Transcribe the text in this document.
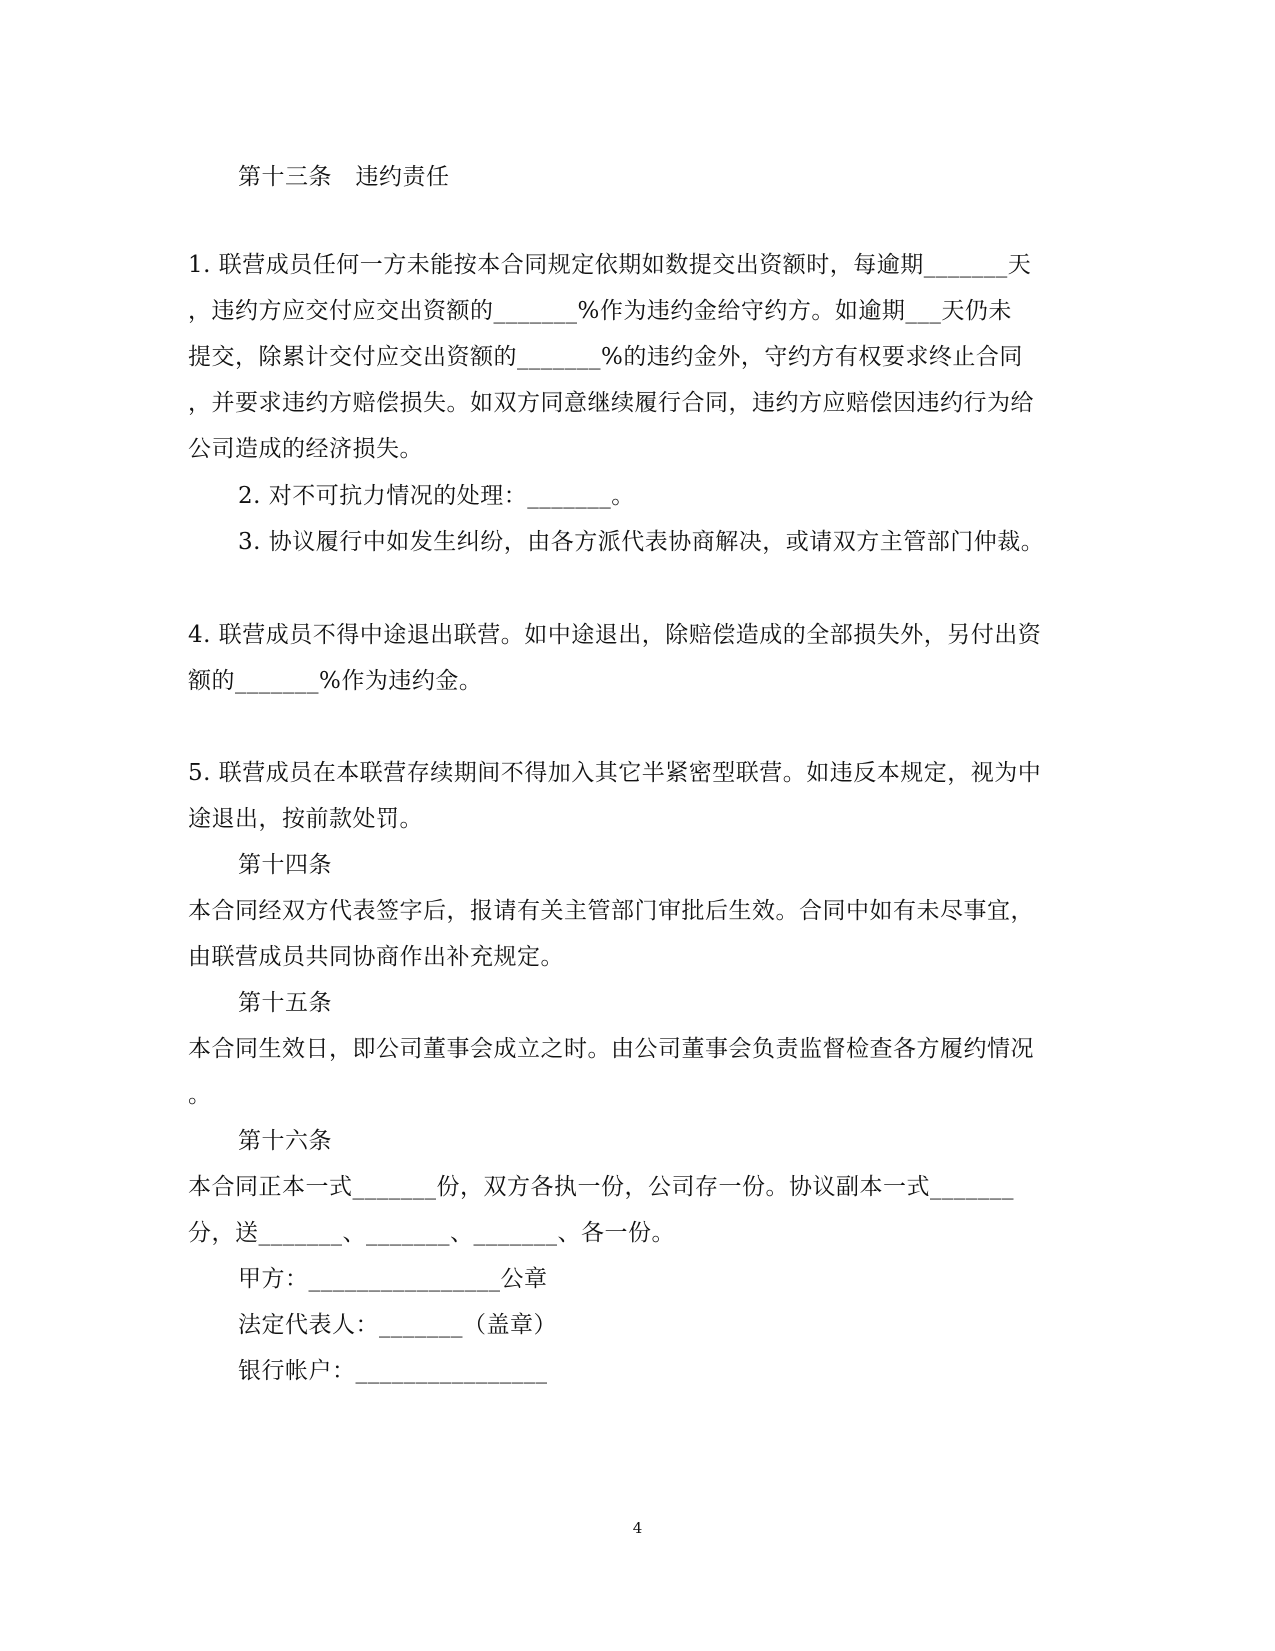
第十三条　违约责任
1. 联营成员任何一方未能按本合同规定依期如数提交出资额时，每逾期_______天
，违约方应交付应交出资额的_______%作为违约金给守约方。如逾期___天仍未
提交，除累计交付应交出资额的_______%的违约金外，守约方有权要求终止合同
，并要求违约方赔偿损失。如双方同意继续履行合同，违约方应赔偿因违约行为给
公司造成的经济损失。
2. 对不可抗力情况的处理：_______。
3. 协议履行中如发生纠纷，由各方派代表协商解决，或请双方主管部门仲裁。
4. 联营成员不得中途退出联营。如中途退出，除赔偿造成的全部损失外，另付出资
额的_______%作为违约金。
5. 联营成员在本联营存续期间不得加入其它半紧密型联营。如违反本规定，视为中
途退出，按前款处罚。
第十四条
本合同经双方代表签字后，报请有关主管部门审批后生效。合同中如有未尽事宜，
由联营成员共同协商作出补充规定。
第十五条
本合同生效日，即公司董事会成立之时。由公司董事会负责监督检查各方履约情况
。
第十六条
本合同正本一式_______份，双方各执一份，公司存一份。协议副本一式_______
分，送_______、_______、_______、各一份。
甲方：________________公章
法定代表人：_______（盖章）
银行帐户：________________
4
